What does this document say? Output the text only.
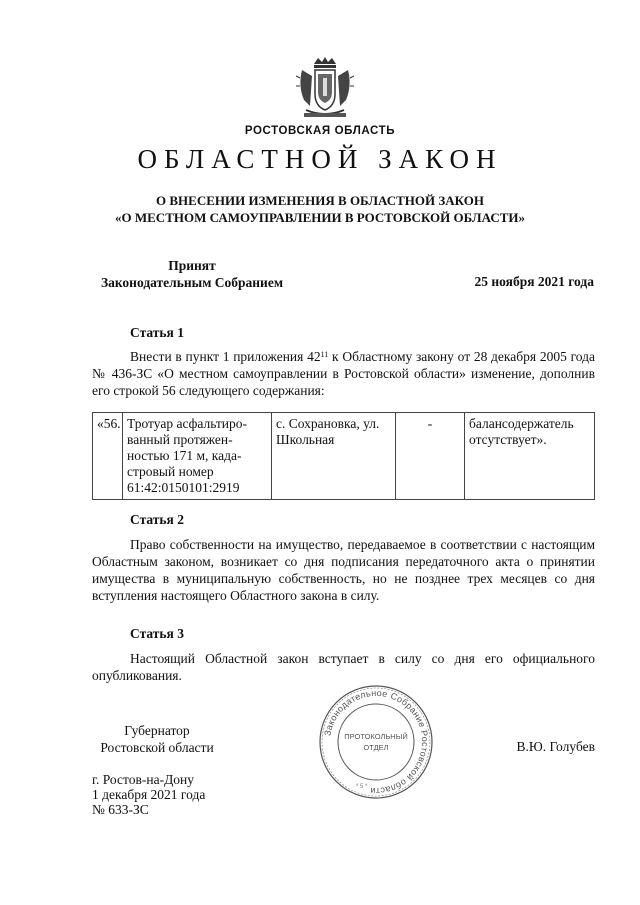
РОСТОВСКАЯ ОБЛАСТЬ
ОБЛАСТНОЙ ЗАКОН
О ВНЕСЕНИИ ИЗМЕНЕНИЯ В ОБЛАСТНОЙ ЗАКОН
«О МЕСТНОМ САМОУПРАВЛЕНИИ В РОСТОВСКОЙ ОБЛАСТИ»
Принят
Законодательным Собранием	25 ноября 2021 года
Статья 1

Внести в пункт 1 приложения $42^{11}$ к Областному закону от 28 декабря 2005 года № 436-ЗС «О местном самоуправлении в Ростовской области» изменение, дополнив его строкой 56 следующего содержания:

«56.	Тротуар асфальтиро-ванный протяжен-ностью 171 м, када-стровый номер 61:42:0150101:2919	с. Сохрановка, ул. Школьная	-	балансодержатель отсутствует».
Статья 2

Право собственности на имущество, передаваемое в соответствии с настоящим Областным законом, возникает со дня подписания передаточного акта о принятии имущества в муниципальную собственность, но не позднее трех месяцев со дня вступления настоящего Областного закона в силу.

Статья 3

Настоящий Областной закон вступает в силу со дня его официального опубликования.

Губернатор
Ростовской области	В.Ю. Голубев
Законодательное Собрание Ростовской области
ПРОТОКОЛЬНЫЙ
ОТДЕЛ
* 5 *
г. Ростов-на-Дону
1 декабря 2021 года
№ 633-ЗС
